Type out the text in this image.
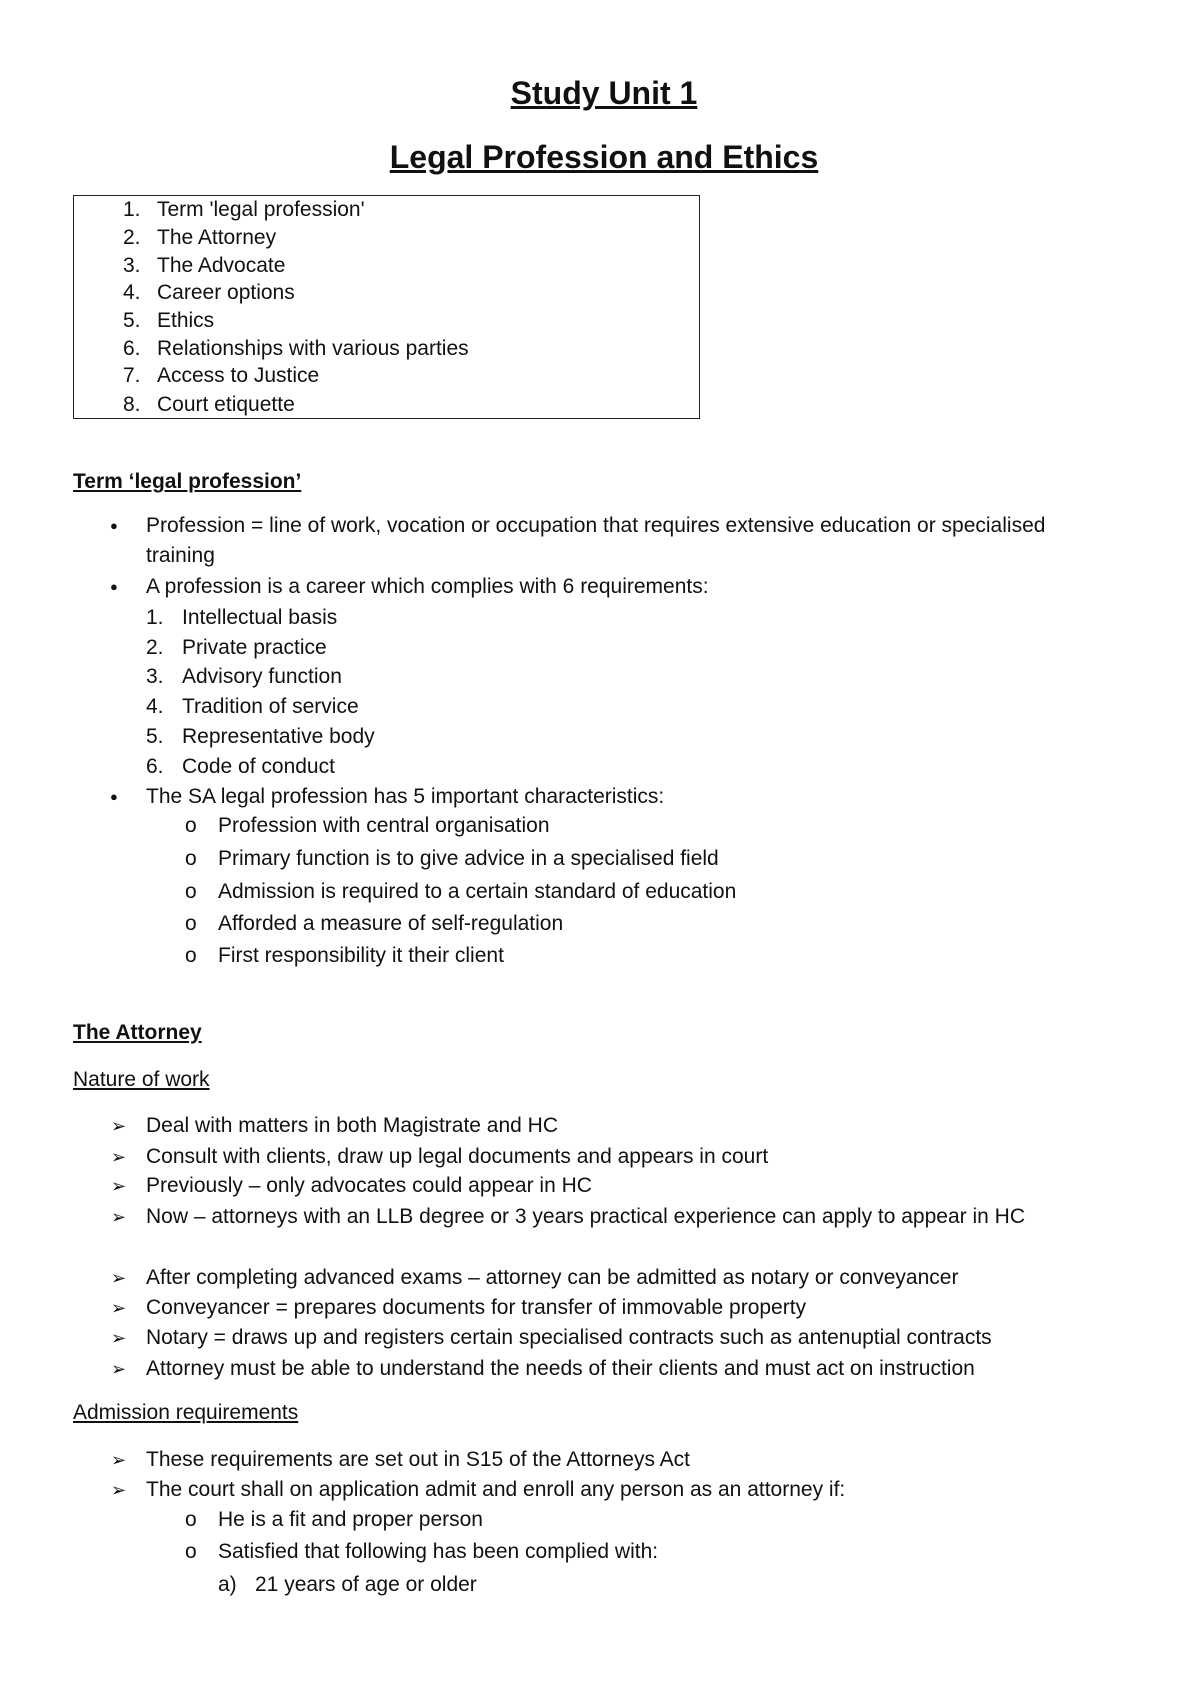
Study Unit 1
Legal Profession and Ethics
1. Term 'legal profession'
2. The Attorney
3. The Advocate
4. Career options
5. Ethics
6. Relationships with various parties
7. Access to Justice
8. Court etiquette
Term ‘legal profession’
● Profession = line of work, vocation or occupation that requires extensive education or specialised training
● A profession is a career which complies with 6 requirements:
1. Intellectual basis
2. Private practice
3. Advisory function
4. Tradition of service
5. Representative body
6. Code of conduct
● The SA legal profession has 5 important characteristics:
o Profession with central organisation
o Primary function is to give advice in a specialised field
o Admission is required to a certain standard of education
o Afforded a measure of self-regulation
o First responsibility it their client
The Attorney
Nature of work
➢ Deal with matters in both Magistrate and HC
➢ Consult with clients, draw up legal documents and appears in court
➢ Previously – only advocates could appear in HC
➢ Now – attorneys with an LLB degree or 3 years practical experience can apply to appear in HC
➢ After completing advanced exams – attorney can be admitted as notary or conveyancer
➢ Conveyancer = prepares documents for transfer of immovable property
➢ Notary = draws up and registers certain specialised contracts such as antenuptial contracts
➢ Attorney must be able to understand the needs of their clients and must act on instruction
Admission requirements
➢ These requirements are set out in S15 of the Attorneys Act
➢ The court shall on application admit and enroll any person as an attorney if:
o He is a fit and proper person
o Satisfied that following has been complied with:
a) 21 years of age or older
